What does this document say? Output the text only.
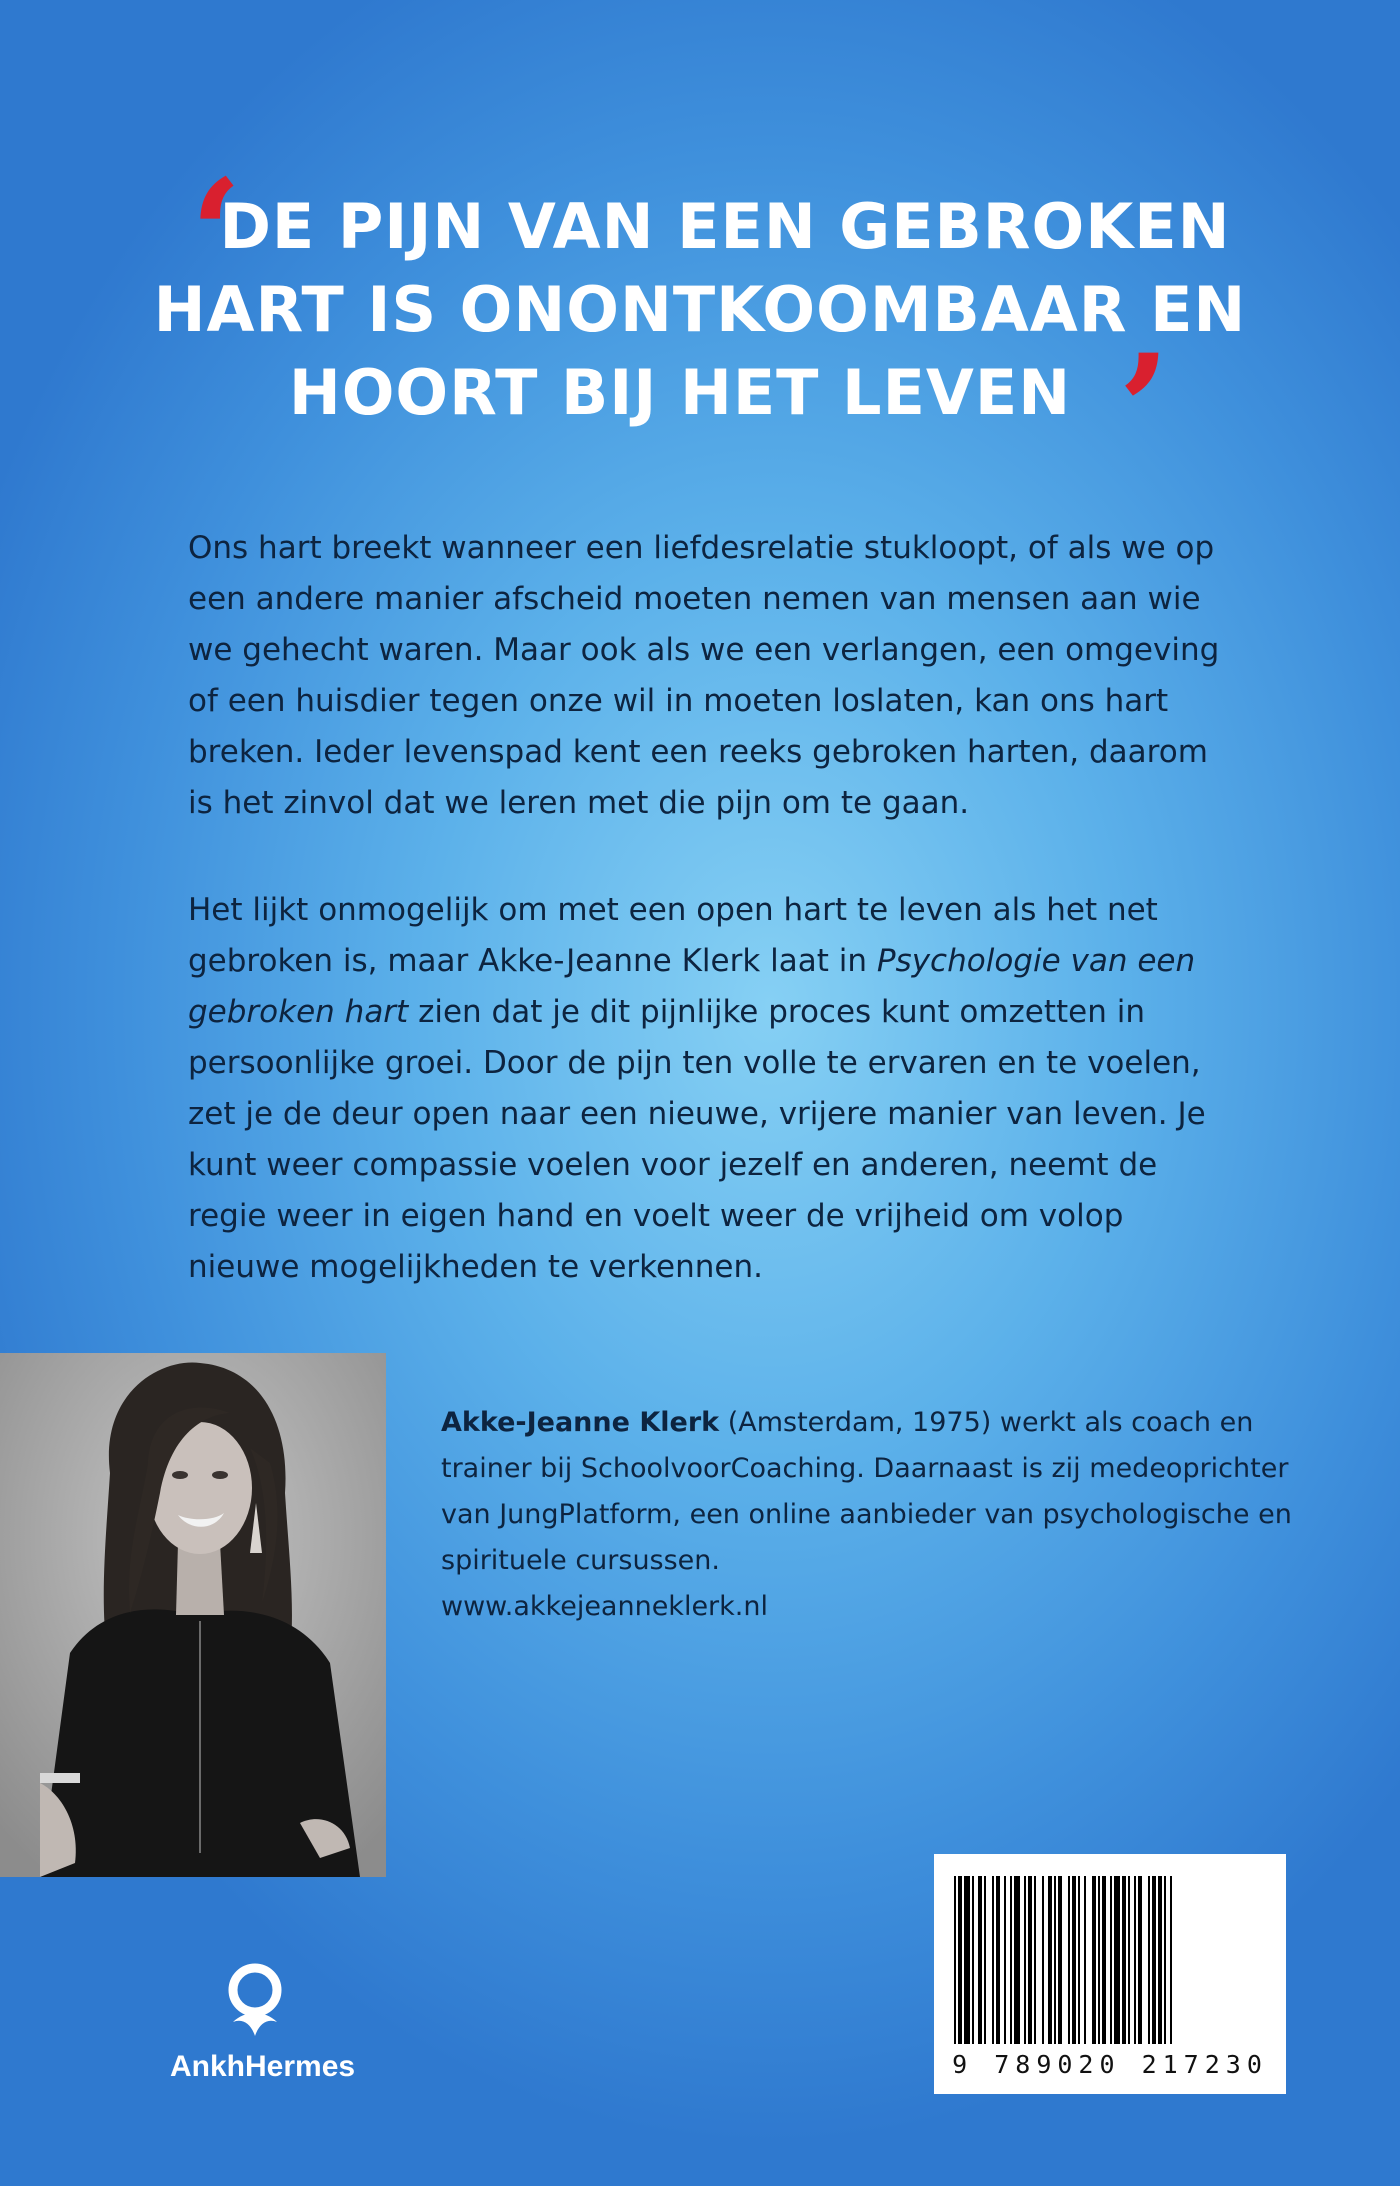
‘
DE PIJN VAN EEN GEBROKEN
HART IS ONONTKOOMBAAR EN
HOORT BIJ HET LEVEN ’

Ons hart breekt wanneer een liefdesrelatie stukloopt, of als we op een andere manier afscheid moeten nemen van mensen aan wie we gehecht waren. Maar ook als we een verlangen, een omgeving of een huisdier tegen onze wil in moeten loslaten, kan ons hart breken. Ieder levenspad kent een reeks gebroken harten, daarom is het zinvol dat we leren met die pijn om te gaan.

Het lijkt onmogelijk om met een open hart te leven als het net gebroken is, maar Akke-Jeanne Klerk laat in Psychologie van een gebroken hart zien dat je dit pijnlijke proces kunt omzetten in persoonlijke groei. Door de pijn ten volle te ervaren en te voelen, zet je de deur open naar een nieuwe, vrijere manier van leven. Je kunt weer compassie voelen voor jezelf en anderen, neemt de regie weer in eigen hand en voelt weer de vrijheid om volop nieuwe mogelijkheden te verkennen.

Akke-Jeanne Klerk (Amsterdam, 1975) werkt als coach en trainer bij SchoolvoorCoaching. Daarnaast is zij medeoprichter van JungPlatform, een online aanbieder van psychologische en spirituele cursussen.
www.akkejeanneklerk.nl

9 789020 217230
AnkhHermes
